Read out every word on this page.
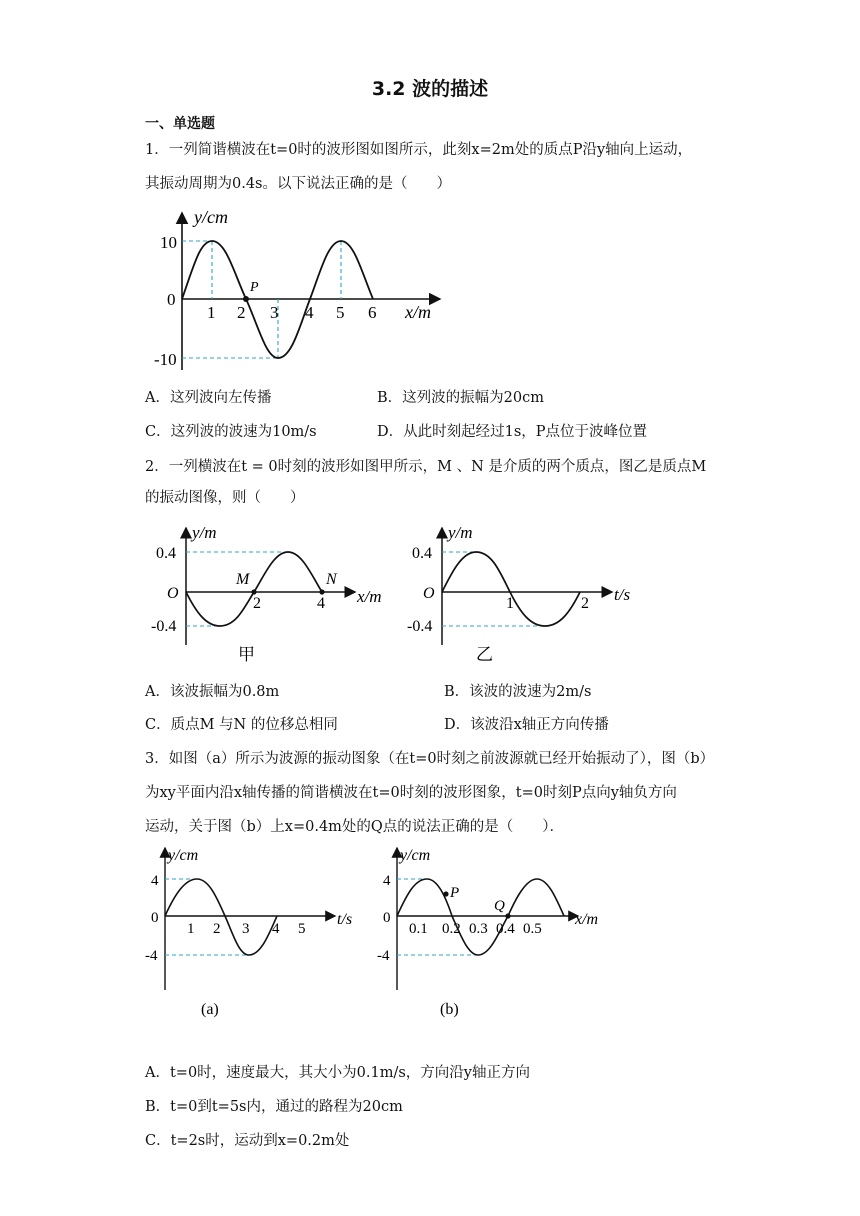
3.2 波的描述
一、单选题
1．一列简谐横波在t=0时的波形图如图所示，此刻x=2m处的质点P沿y轴向上运动，
其振动周期为0.4s。以下说法正确的是（　　）
P
y/cm
x/m
10
0
-10
1 2 3 4 5 6
A．这列波向左传播	B．这列波的振幅为20cm
C．这列波的波速为10m/s	D．从此时刻起经过1s，P点位于波峰位置
2．一列横波在t = 0时刻的波形如图甲所示，M 、N 是介质的两个质点，图乙是质点M
的振动图像，则（　　）
M	N
y/m
x/m
O
0.4
-0.4
2	4
甲
y/m
t/s
O
0.4
-0.4
1	2
乙
A．该波振幅为0.8m	B．该波的波速为2m/s
C．质点M 与N 的位移总相同	D．该波沿x轴正方向传播
3．如图（a）所示为波源的振动图象（在t=0时刻之前波源就已经开始振动了），图（b）
为xy平面内沿x轴传播的简谐横波在t=0时刻的波形图象，t=0时刻P点向y轴负方向
运动，关于图（b）上x=0.4m处的Q点的说法正确的是（　　）．
y/cm
t/s
4
0
-4
1 2 3 4 5
(a)
P
Q
y/cm
x/m
4
0
-4
0.1 0.2 0.3 0.4 0.5
(b)
A．t=0时，速度最大，其大小为0.1m/s，方向沿y轴正方向
B．t=0到t=5s内，通过的路程为20cm
C．t=2s时，运动到x=0.2m处
